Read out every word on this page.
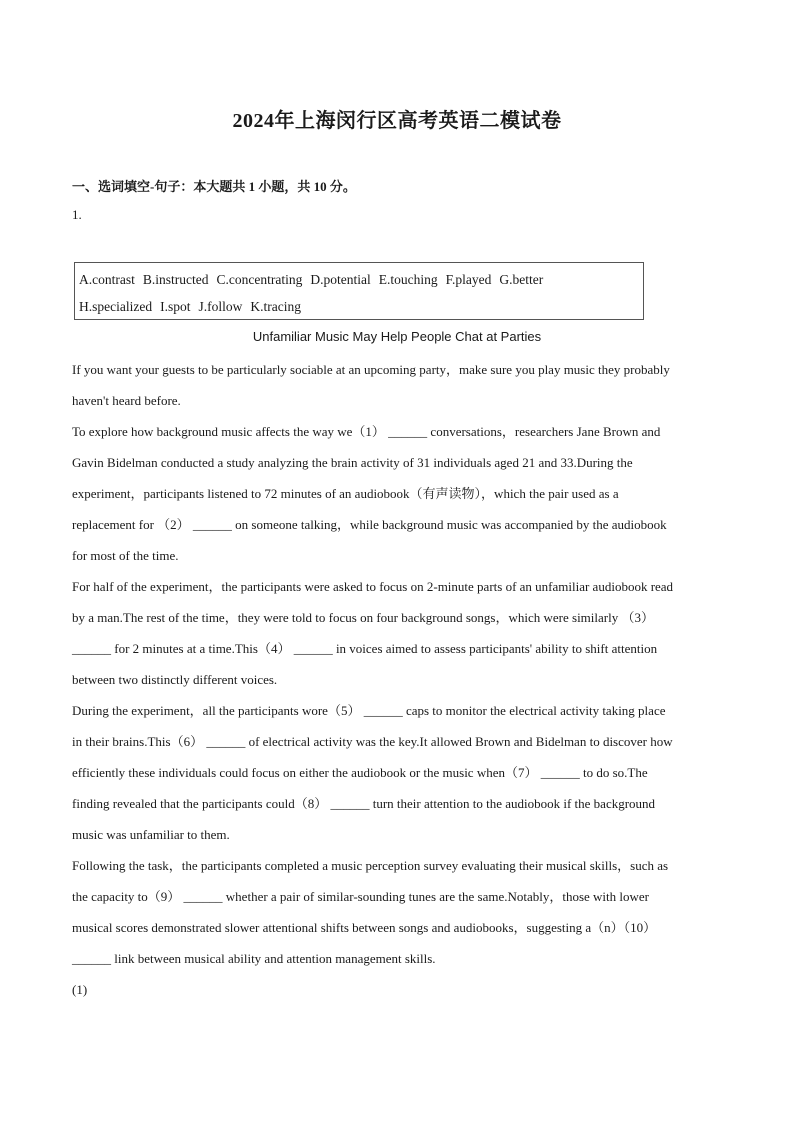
2024年上海闵行区高考英语二模试卷
一、选词填空-句子：本大题共 1 小题，共 10 分。
1.
A.contrast B.instructed C.concentrating D.potential E.touching F.played G.better
H.specialized I.spot J.follow K.tracing
Unfamiliar Music May Help People Chat at Parties
If you want your guests to be particularly sociable at an upcoming party，make sure you play music they probably
haven't heard before.
To explore how background music affects the way we（1） ______ conversations，researchers Jane Brown and
Gavin Bidelman conducted a study analyzing the brain activity of 31 individuals aged 21 and 33.During the
experiment，participants listened to 72 minutes of an audiobook（有声读物），which the pair used as a
replacement for （2） ______ on someone talking，while background music was accompanied by the audiobook
for most of the time.
For half of the experiment，the participants were asked to focus on 2-minute parts of an unfamiliar audiobook read
by a man.The rest of the time，they were told to focus on four background songs，which were similarly （3）
______ for 2 minutes at a time.This（4） ______ in voices aimed to assess participants' ability to shift attention
between two distinctly different voices.
During the experiment，all the participants wore（5） ______ caps to monitor the electrical activity taking place
in their brains.This（6） ______ of electrical activity was the key.It allowed Brown and Bidelman to discover how
efficiently these individuals could focus on either the audiobook or the music when（7） ______ to do so.The
finding revealed that the participants could（8） ______ turn their attention to the audiobook if the background
music was unfamiliar to them.
Following the task，the participants completed a music perception survey evaluating their musical skills，such as
the capacity to（9） ______ whether a pair of similar-sounding tunes are the same.Notably，those with lower
musical scores demonstrated slower attentional shifts between songs and audiobooks，suggesting a（n）（10）
______ link between musical ability and attention management skills.
(1)
